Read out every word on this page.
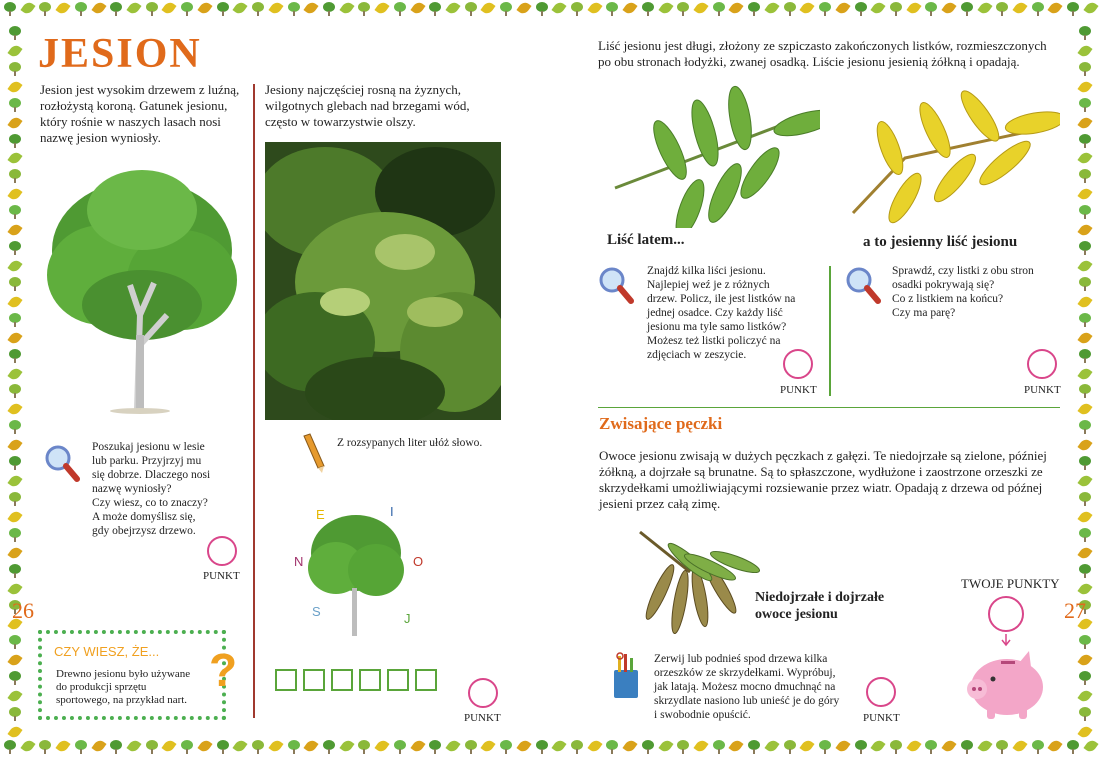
JESION
Jesion jest wysokim drzewem z luźną, rozłożystą koroną. Gatunek jesionu, który rośnie w naszych lasach nosi nazwę jesion wyniosły.
Poszukaj jesionu w lesie
lub parku. Przyjrzyj mu
się dobrze. Dlaczego nosi
nazwę wyniosły?
Czy wiesz, co to znaczy?
A może domyślisz się,
gdy obejrzysz drzewo.
PUNKT
26
CZY WIESZ, ŻE...
Drewno jesionu było używane
do produkcji sprzętu
sportowego, na przykład nart.
?
Jesiony najczęściej rosną na żyznych, wilgotnych glebach nad brzegami wód, często w towarzystwie olszy.
Z rozsypanych liter ułóż słowo.
E	I
N	O
S	J
PUNKT
Liść jesionu jest długi, złożony ze szpiczasto zakończonych listków, rozmieszczonych po obu stronach łodyżki, zwanej osadką. Liście jesionu jesienią żółkną i opadają.
Liść latem...	a to jesienny liść jesionu
Znajdź kilka liści jesionu.
Najlepiej weź je z różnych
drzew. Policz, ile jest listków na
jednej osadce. Czy każdy liść
jesionu ma tyle samo listków?
Możesz też listki policzyć na
zdjęciach w zeszycie.
PUNKT
Sprawdź, czy listki z obu stron
osadki pokrywają się?
Co z listkiem na końcu?
Czy ma parę?
PUNKT
Zwisające pęczki
Owoce jesionu zwisają w dużych pęczkach z gałęzi. Te niedojrzałe są zielone, później żółkną, a dojrzałe są brunatne. Są to spłaszczone, wydłużone i zaostrzone orzeszki ze skrzydełkami umożliwiającymi rozsiewanie przez wiatr. Opadają z drzewa od późnej jesieni przez całą zimę.
Niedojrzałe i dojrzałe
owoce jesionu
Zerwij lub podnieś spod drzewa kilka
orzeszków ze skrzydełkami. Wypróbuj,
jak latają. Możesz mocno dmuchnąć na
skrzydlate nasiono lub unieść je do góry
i swobodnie opuścić.	PUNKT
TWOJE PUNKTY
27
